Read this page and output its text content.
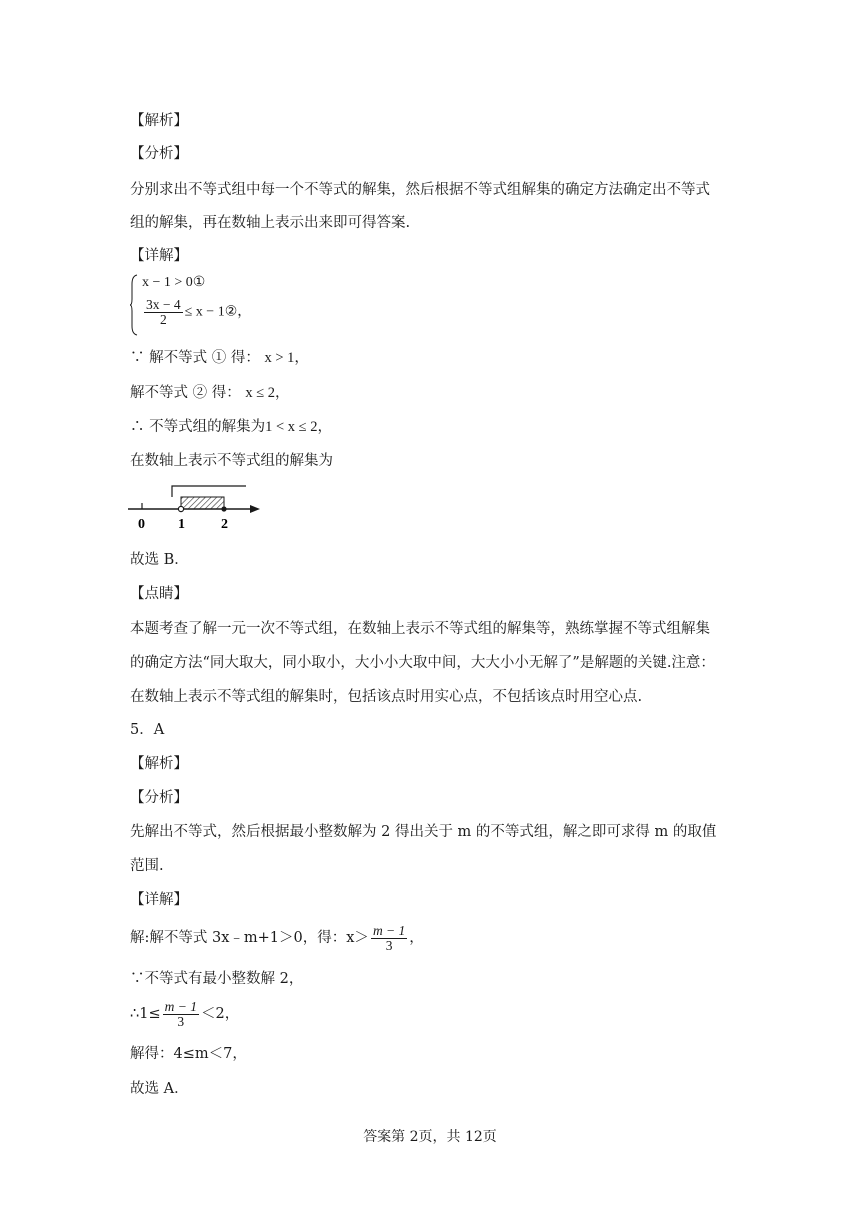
【解析】
【分析】
分别求出不等式组中每一个不等式的解集，然后根据不等式组解集的确定方法确定出不等式
组的解集，再在数轴上表示出来即可得答案.
【详解】
x − 1 > 0①
$\frac{3x - 4}{2} \le x$ − 1②，
∵ 解不等式 ① 得： x > 1，
解不等式 ② 得： x ≤ 2，
∴ 不等式组的解集为1 < x ≤ 2，
在数轴上表示不等式组的解集为
0 1	2
故选 B．
【点睛】
本题考查了解一元一次不等式组，在数轴上表示不等式组的解集等，熟练掌握不等式组解集
的确定方法“同大取大，同小取小，大小小大取中间，大大小小无解了”是解题的关键.注意：
在数轴上表示不等式组的解集时，包括该点时用实心点，不包括该点时用空心点.
5．A
【解析】
【分析】
先解出不等式，然后根据最小整数解为 2 得出关于 m 的不等式组，解之即可求得 m 的取值
范围.
【详解】
解:解不等式 3x﹣m+1＞0，得：$x> \frac{m - 1}{3}$ ，
∵不等式有最小整数解 2，
∴1≤ $\frac{m - 1}{3} <2$，
解得：4≤m＜7，
故选 A．
答案第 2页，共 12页
